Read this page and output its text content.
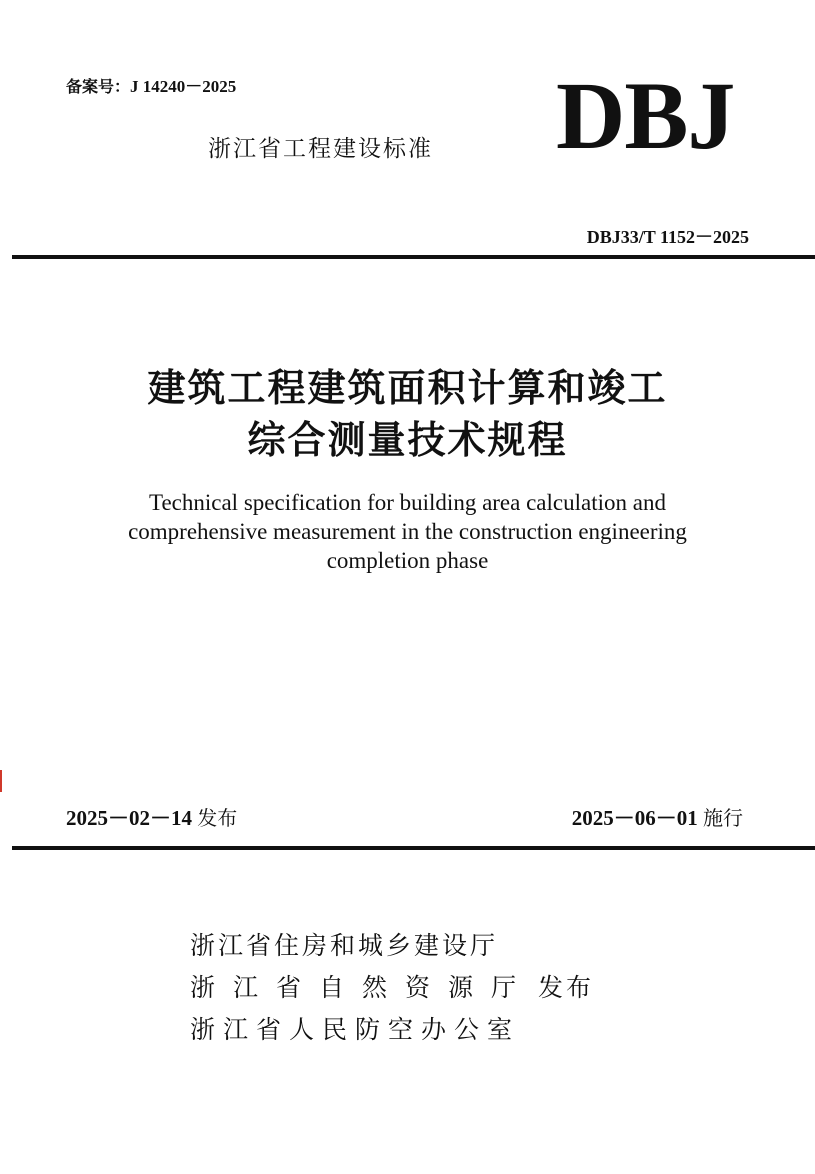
备案号：J 14240－2025
浙江省工程建设标准 DBJ
DBJ33/T 1152－2025
建筑工程建筑面积计算和竣工
综合测量技术规程
Technical specification for building area calculation and
comprehensive measurement in the construction engineering
completion phase
2025－02－14 发布	2025－06－01 施行
浙江省住房和城乡建设厅
浙江省自然资源厅 发布
浙江省人民防空办公室
